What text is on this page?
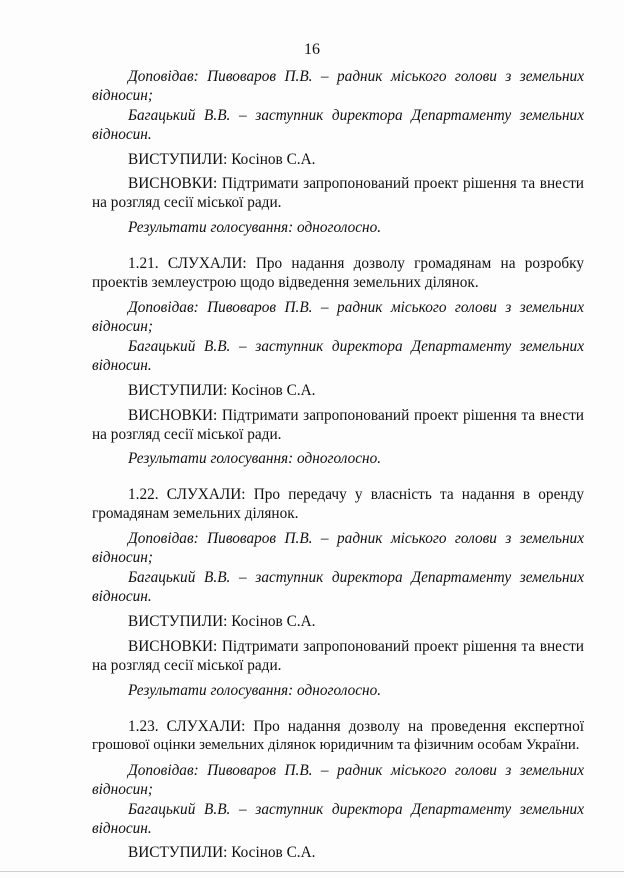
16
Доповідав: Пивоваров П.В. – радник міського голови з земельних
відносин;
Багацький В.В. – заступник директора Департаменту земельних
відносин.
ВИСТУПИЛИ: Косінов С.А.
ВИСНОВКИ: Підтримати запропонований проект рішення та внести
на розгляд сесії міської ради.
Результати голосування: одноголосно.
1.21. СЛУХАЛИ: Про надання дозволу громадянам на розробку
проектів землеустрою щодо відведення земельних ділянок.
Доповідав: Пивоваров П.В. – радник міського голови з земельних
відносин;
Багацький В.В. – заступник директора Департаменту земельних
відносин.
ВИСТУПИЛИ: Косінов С.А.
ВИСНОВКИ: Підтримати запропонований проект рішення та внести
на розгляд сесії міської ради.
Результати голосування: одноголосно.
1.22. СЛУХАЛИ: Про передачу у власність та надання в оренду
громадянам земельних ділянок.
Доповідав: Пивоваров П.В. – радник міського голови з земельних
відносин;
Багацький В.В. – заступник директора Департаменту земельних
відносин.
ВИСТУПИЛИ: Косінов С.А.
ВИСНОВКИ: Підтримати запропонований проект рішення та внести
на розгляд сесії міської ради.
Результати голосування: одноголосно.
1.23. СЛУХАЛИ: Про надання дозволу на проведення експертної
грошової оцінки земельних ділянок юридичним та фізичним особам України.
Доповідав: Пивоваров П.В. – радник міського голови з земельних
відносин;
Багацький В.В. – заступник директора Департаменту земельних
відносин.
ВИСТУПИЛИ: Косінов С.А.
